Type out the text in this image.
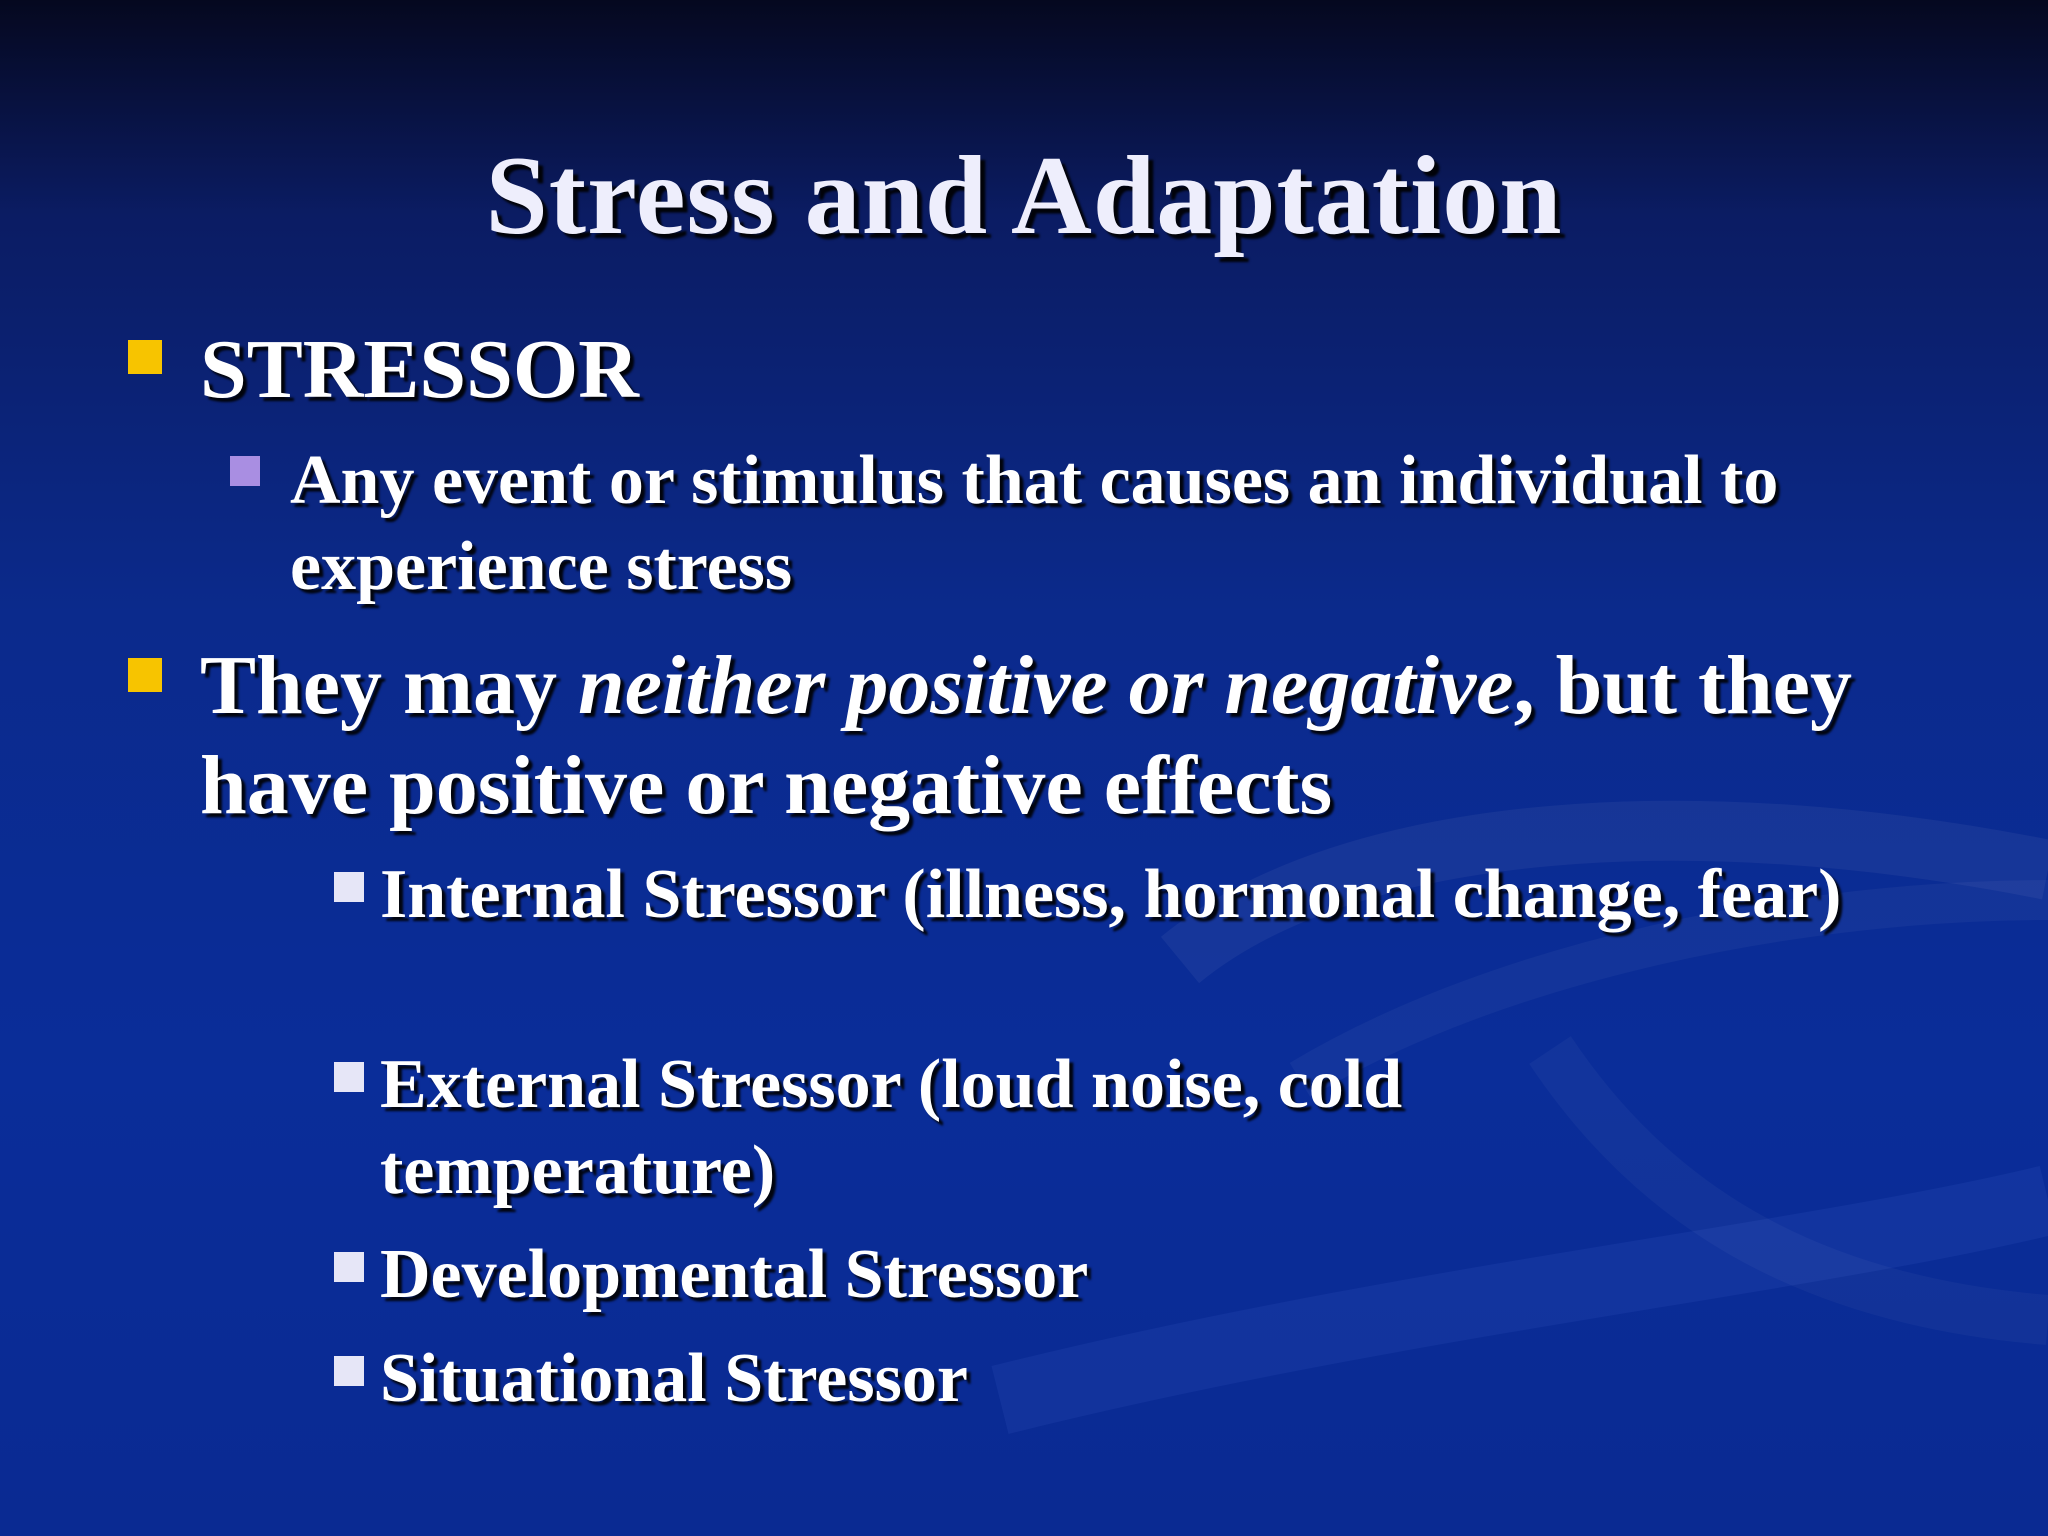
Stress and Adaptation
STRESSOR
Any event or stimulus that causes an individual to experience stress
They may neither positive or negative, but they have positive or negative effects
Internal Stressor (illness, hormonal change, fear)
External Stressor (loud noise, cold temperature)
Developmental Stressor
Situational Stressor
